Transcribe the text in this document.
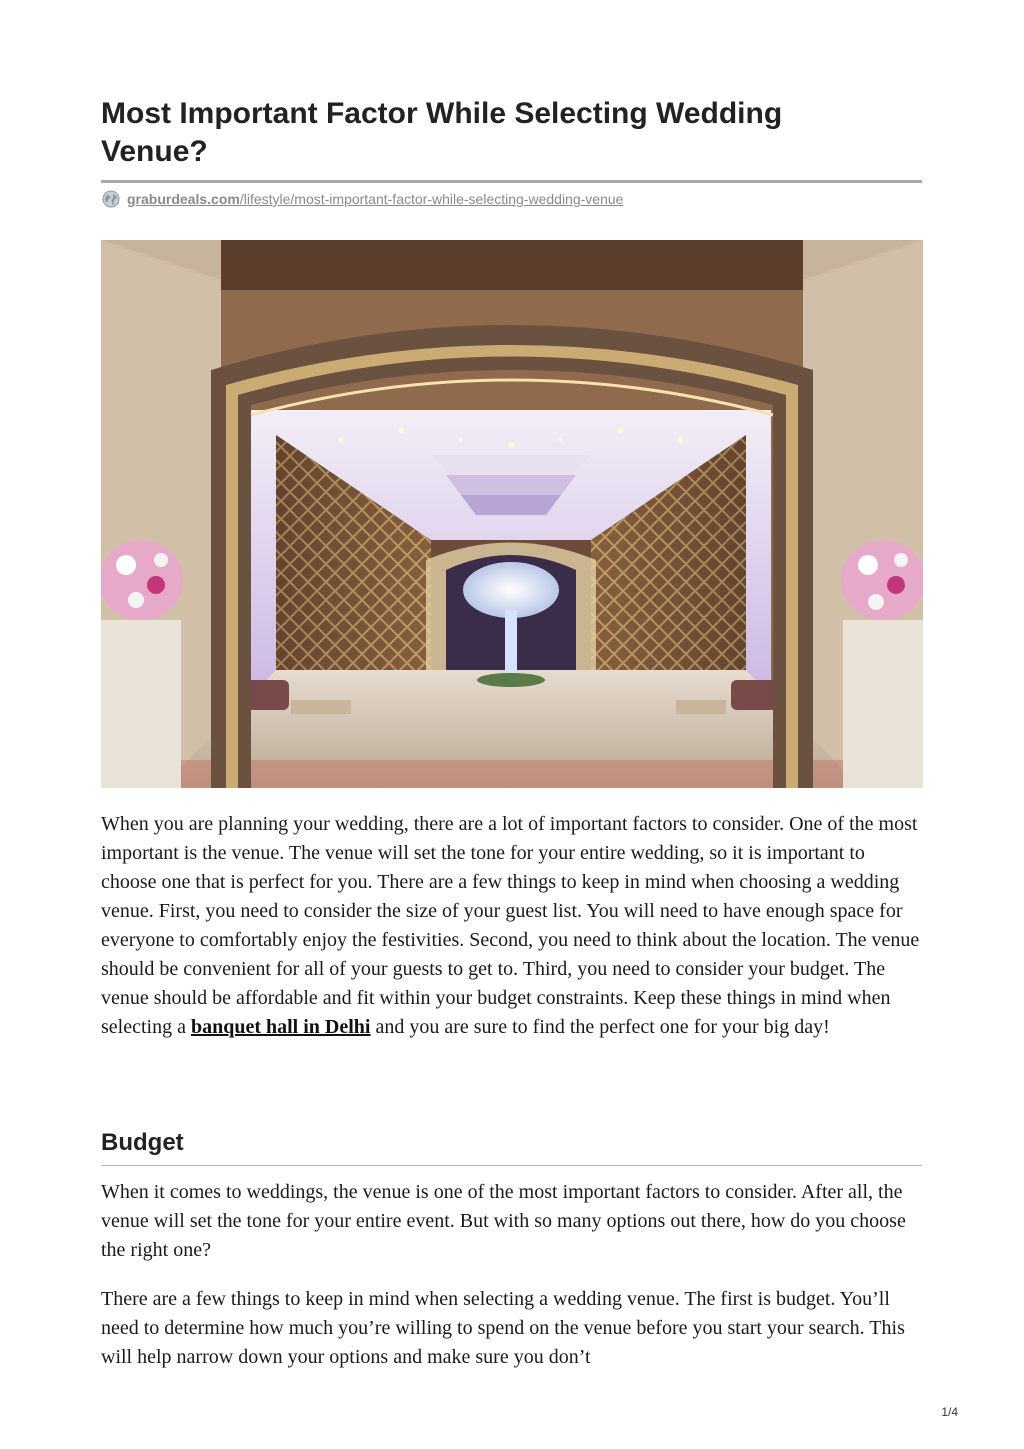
Most Important Factor While Selecting Wedding Venue?
graburdeals.com/lifestyle/most-important-factor-while-selecting-wedding-venue

When you are planning your wedding, there are a lot of important factors to consider. One of the most important is the venue. The venue will set the tone for your entire wedding, so it is important to choose one that is perfect for you. There are a few things to keep in mind when choosing a wedding venue. First, you need to consider the size of your guest list. You will need to have enough space for everyone to comfortably enjoy the festivities. Second, you need to think about the location. The venue should be convenient for all of your guests to get to. Third, you need to consider your budget. The venue should be affordable and fit within your budget constraints. Keep these things in mind when selecting a banquet hall in Delhi and you are sure to find the perfect one for your big day!

Budget

When it comes to weddings, the venue is one of the most important factors to consider. After all, the venue will set the tone for your entire event. But with so many options out there, how do you choose the right one?

There are a few things to keep in mind when selecting a wedding venue. The first is budget. You’ll need to determine how much you’re willing to spend on the venue before you start your search. This will help narrow down your options and make sure you don’t

1/4
